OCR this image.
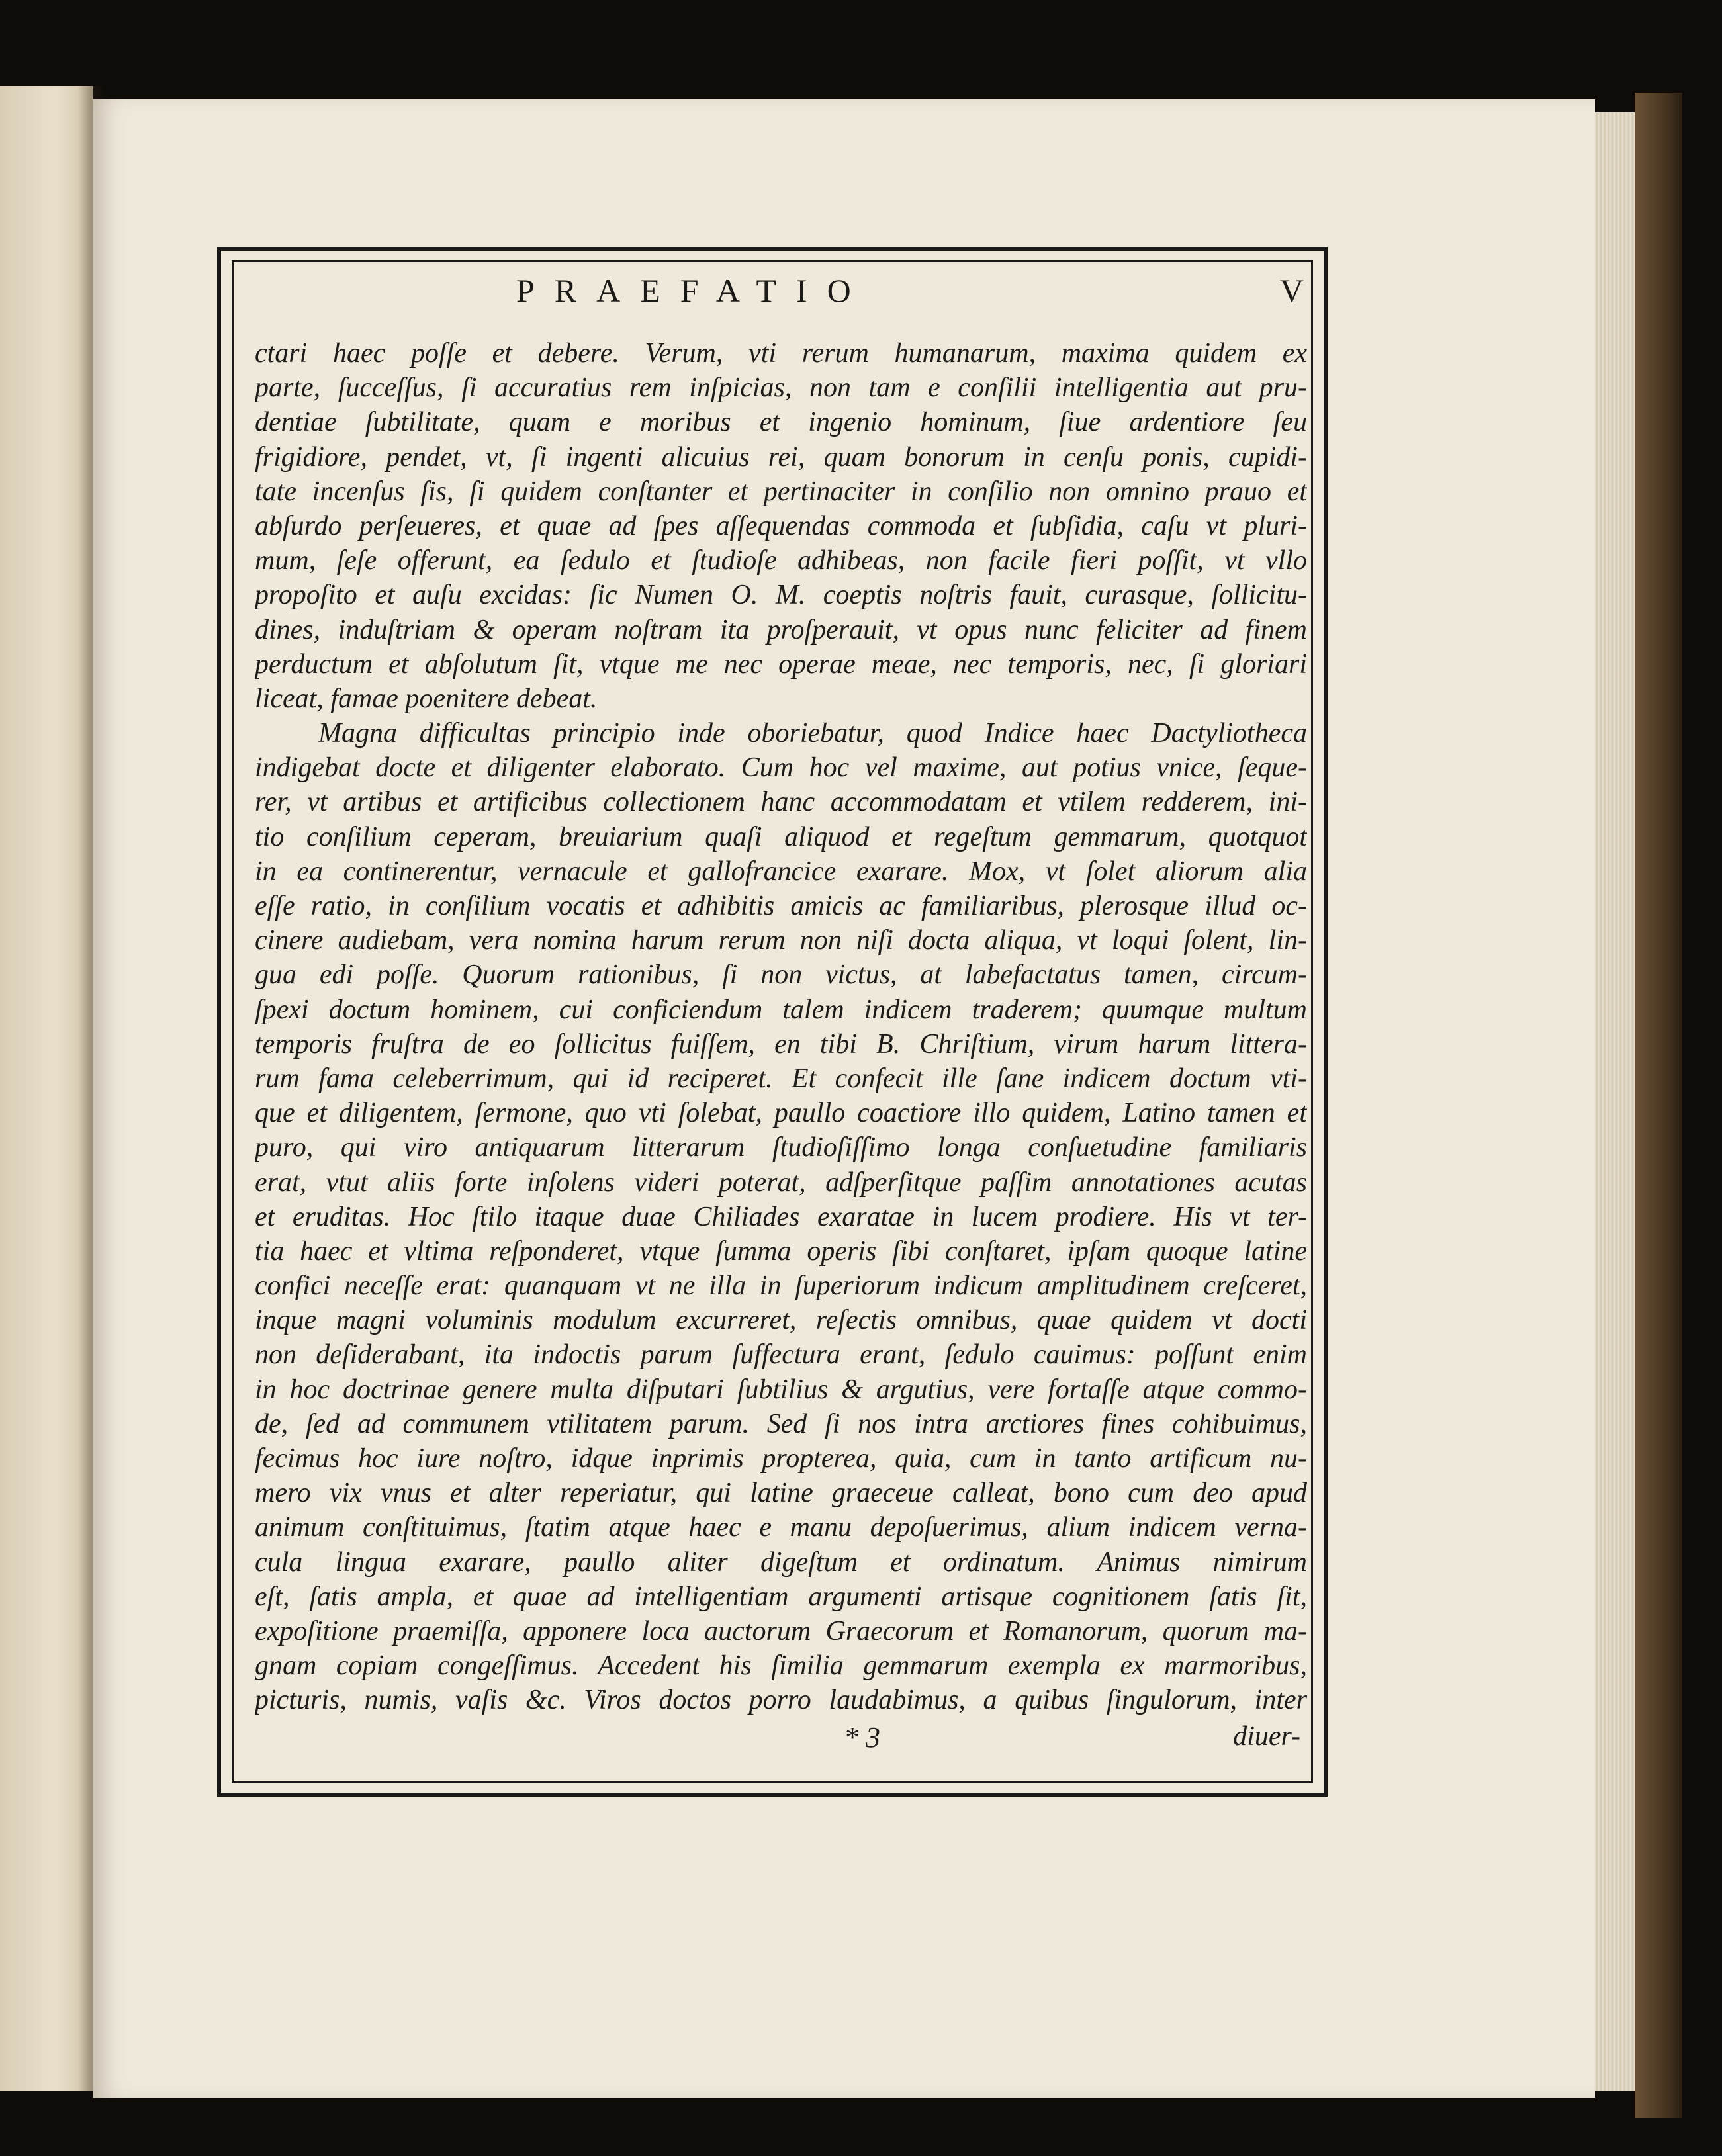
PRAEFATIO	V
ctari haec poſſe et debere. Verum, vti rerum humanarum, maxima quidem ex
parte, ſucceſſus, ſi accuratius rem inſpicias, non tam e conſilii intelligentia aut pru-
dentiae ſubtilitate, quam e moribus et ingenio hominum, ſiue ardentiore ſeu
frigidiore, pendet, vt, ſi ingenti alicuius rei, quam bonorum in cenſu ponis, cupidi-
tate incenſus ſis, ſi quidem conſtanter et pertinaciter in conſilio non omnino prauo et
abſurdo perſeueres, et quae ad ſpes aſſequendas commoda et ſubſidia, caſu vt pluri-
mum, ſeſe offerunt, ea ſedulo et ſtudioſe adhibeas, non facile fieri poſſit, vt vllo
propoſito et auſu excidas: ſic Numen O. M. coeptis noſtris fauit, curasque, ſollicitu-
dines, induſtriam & operam noſtram ita proſperauit, vt opus nunc feliciter ad finem
perductum et abſolutum ſit, vtque me nec operae meae, nec temporis, nec, ſi gloriari
liceat, famae poenitere debeat.
Magna difficultas principio inde oboriebatur, quod Indice haec Dactyliotheca
indigebat docte et diligenter elaborato. Cum hoc vel maxime, aut potius vnice, ſeque-
rer, vt artibus et artificibus collectionem hanc accommodatam et vtilem redderem, ini-
tio conſilium ceperam, breuiarium quaſi aliquod et regeſtum gemmarum, quotquot
in ea continerentur, vernacule et gallofrancice exarare. Mox, vt ſolet aliorum alia
eſſe ratio, in conſilium vocatis et adhibitis amicis ac familiaribus, plerosque illud oc-
cinere audiebam, vera nomina harum rerum non niſi docta aliqua, vt loqui ſolent, lin-
gua edi poſſe. Quorum rationibus, ſi non victus, at labefactatus tamen, circum-
ſpexi doctum hominem, cui conficiendum talem indicem traderem; quumque multum
temporis fruſtra de eo ſollicitus fuiſſem, en tibi B. Chriſtium, virum harum littera-
rum fama celeberrimum, qui id reciperet. Et confecit ille ſane indicem doctum vti-
que et diligentem, ſermone, quo vti ſolebat, paullo coactiore illo quidem, Latino tamen et
puro, qui viro antiquarum litterarum ſtudioſiſſimo longa conſuetudine familiaris
erat, vtut aliis forte inſolens videri poterat, adſperſitque paſſim annotationes acutas
et eruditas. Hoc ſtilo itaque duae Chiliades exaratae in lucem prodiere. His vt ter-
tia haec et vltima reſponderet, vtque ſumma operis ſibi conſtaret, ipſam quoque latine
confici neceſſe erat: quanquam vt ne illa in ſuperiorum indicum amplitudinem creſceret,
inque magni voluminis modulum excurreret, reſectis omnibus, quae quidem vt docti
non deſiderabant, ita indoctis parum ſuffectura erant, ſedulo cauimus: poſſunt enim
in hoc doctrinae genere multa diſputari ſubtilius & argutius, vere fortaſſe atque commo-
de, ſed ad communem vtilitatem parum. Sed ſi nos intra arctiores fines cohibuimus,
fecimus hoc iure noſtro, idque inprimis propterea, quia, cum in tanto artificum nu-
mero vix vnus et alter reperiatur, qui latine graeceue calleat, bono cum deo apud
animum conſtituimus, ſtatim atque haec e manu depoſuerimus, alium indicem verna-
cula lingua exarare, paullo aliter digeſtum et ordinatum. Animus nimirum
eſt, ſatis ampla, et quae ad intelligentiam argumenti artisque cognitionem ſatis ſit,
expoſitione praemiſſa, apponere loca auctorum Graecorum et Romanorum, quorum ma-
gnam copiam congeſſimus. Accedent his ſimilia gemmarum exempla ex marmoribus,
picturis, numis, vaſis &c. Viros doctos porro laudabimus, a quibus ſingulorum, inter
* 3	diuer-
